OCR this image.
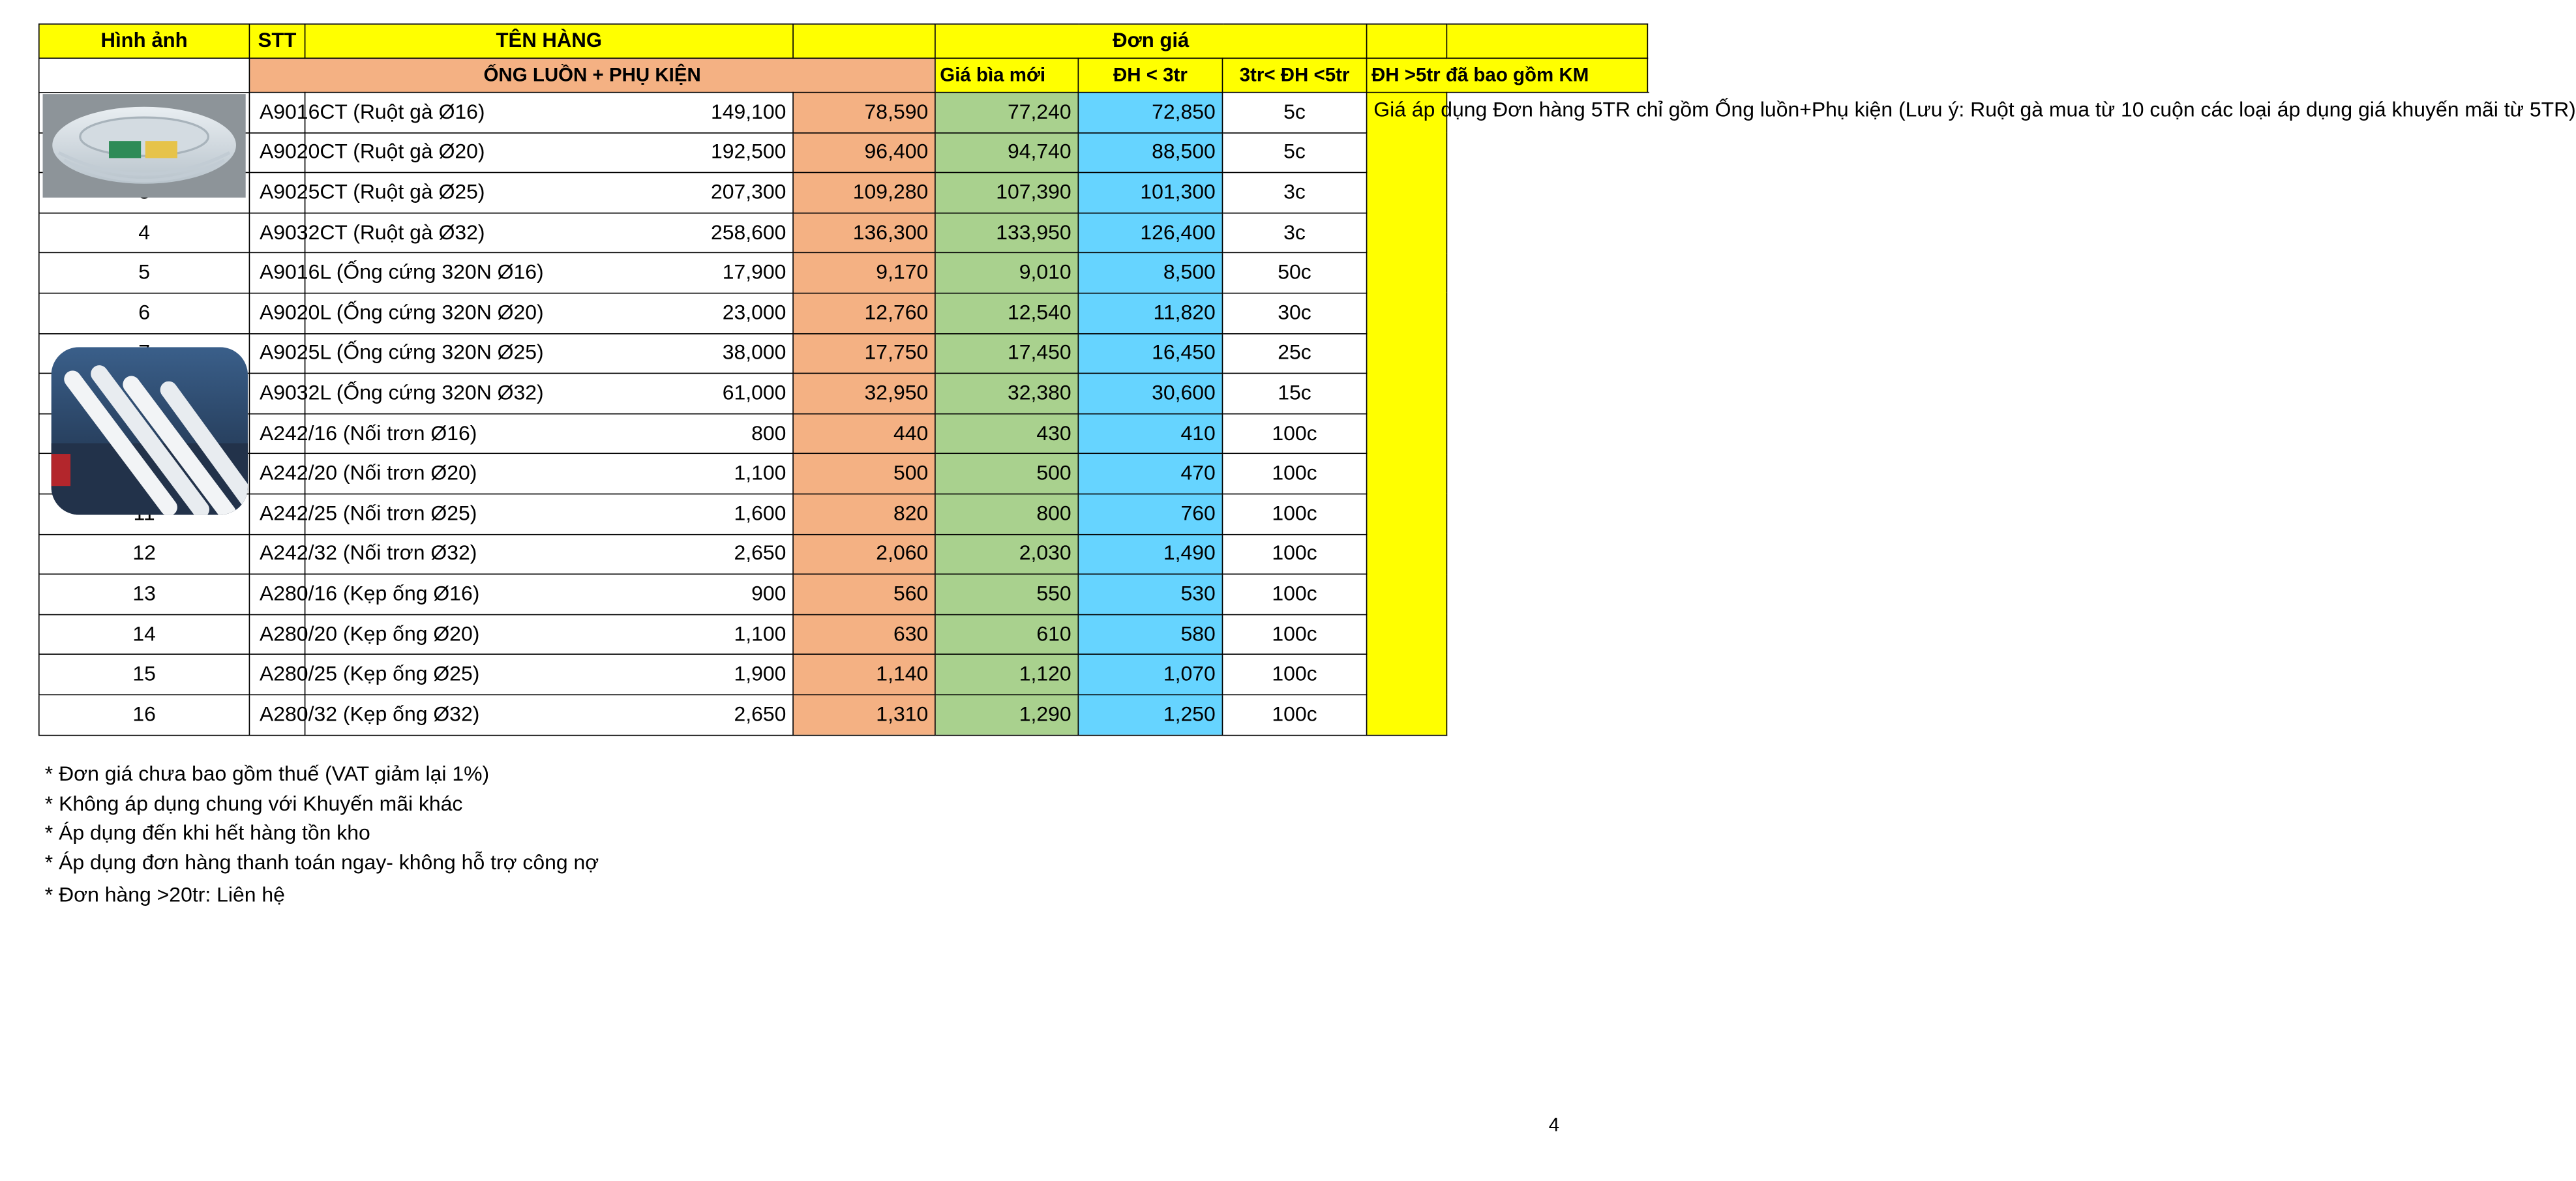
Hình ảnh	STT	TÊN HÀNG		Đơn giá				

	ỐNG LUỒN + PHỤ KIỆN			Giá bìa mới	ĐH < 3tr	3tr< ĐH <5tr	ĐH >5tr đã bao gồm KM	
	A9016CT (Ruột gà Ø16)	149,100	78,590	77,240	72,850	5c	Giá áp dụng Đơn hàng 5TR chỉ gồm Ống luồn+Phụ kiện (Lưu ý: Ruột gà mua từ 10 cuộn các loại áp dụng giá khuyến mãi từ 5TR)	
	A9020CT (Ruột gà Ø20)	192,500	96,400	94,740	88,500	5c		
	A9025CT (Ruột gà Ø25)	207,300	109,280	107,390	101,300	3c		
4	A9032CT (Ruột gà Ø32)	258,600	136,300	133,950	126,400	3c		
5	A9016L (Ống cứng 320N Ø16)	17,900	9,170	9,010	8,500	50c		
6	A9020L (Ống cứng 320N Ø20)	23,000	12,760	12,540	11,820	30c		
	A9025L (Ống cứng 320N Ø25)	38,000	17,750	17,450	16,450	25c		
	A9032L (Ống cứng 320N Ø32)	61,000	32,950	32,380	30,600	15c		
	A242/16 (Nối trơn Ø16)	800	440	430	410	100c		
	A242/20 (Nối trơn Ø20)	1,100	500	500	470	100c		
	A242/25 (Nối trơn Ø25)	1,600	820	800	760	100c		
12	A242/32 (Nối trơn Ø32)	2,650	2,060	2,030	1,490	100c		
13	A280/16 (Kẹp ống Ø16)	900	560	550	530	100c		
14	A280/20 (Kẹp ống Ø20)	1,100	630	610	580	100c		
15	A280/25 (Kẹp ống Ø25)	1,900	1,140	1,120	1,070	100c		
16	A280/32 (Kẹp ống Ø32)	2,650	1,310	1,290	1,250	100c		
* Đơn giá chưa bao gồm thuế (VAT giảm lại 1%)
* Không áp dụng chung với Khuyến mãi khác
* Áp dụng đến khi hết hàng tồn kho
* Áp dụng đơn hàng thanh toán ngay- không hỗ trợ công nợ
* Đơn hàng >20tr: Liên hệ
4
